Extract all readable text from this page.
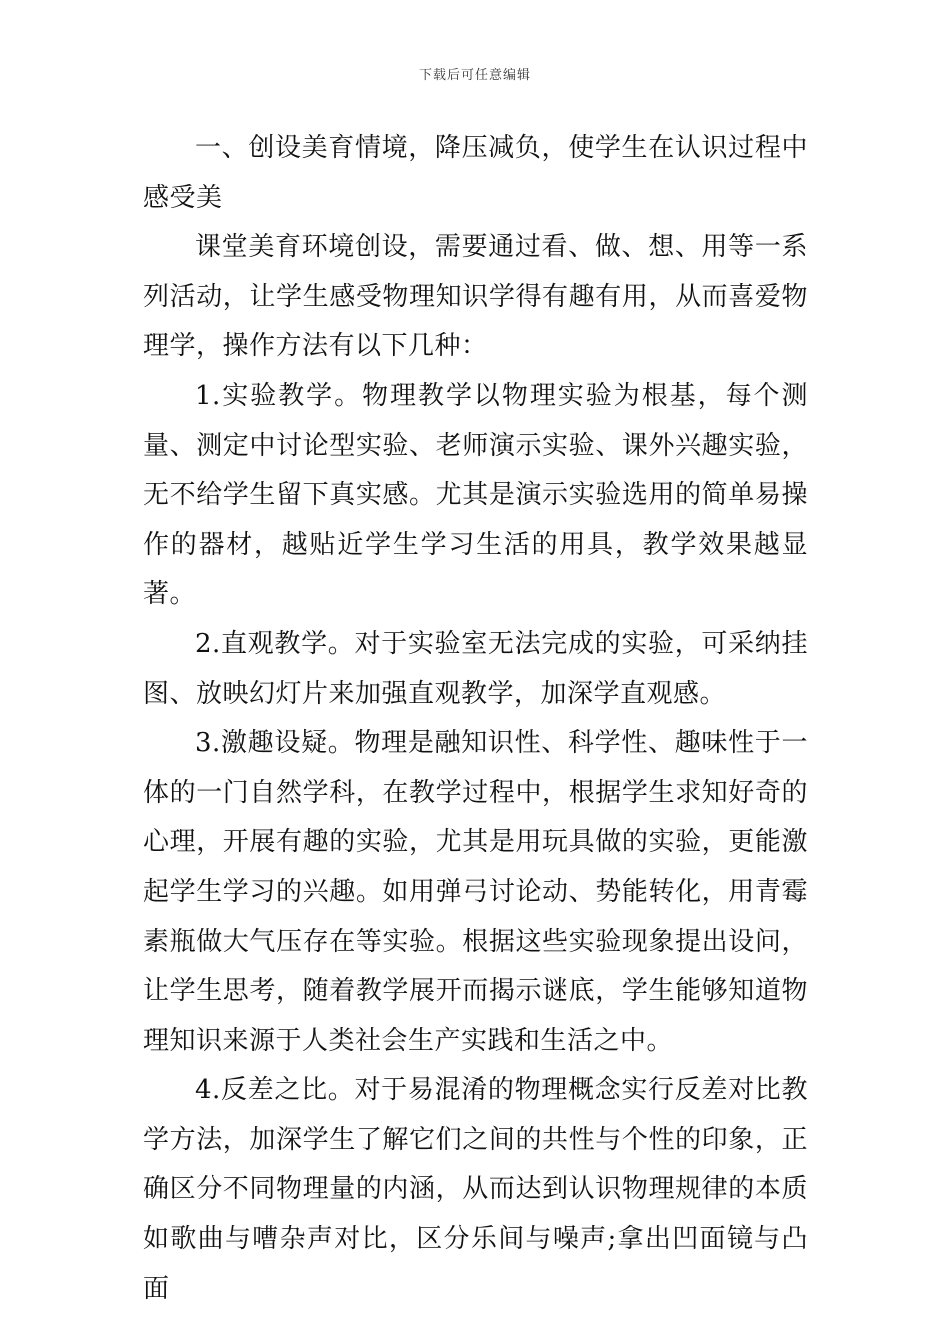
下载后可任意编辑

一、创设美育情境，降压减负，使学生在认识过程中感受美

课堂美育环境创设，需要通过看、做、想、用等一系列活动，让学生感受物理知识学得有趣有用，从而喜爱物理学，操作方法有以下几种：

1.实验教学。物理教学以物理实验为根基，每个测量、测定中讨论型实验、老师演示实验、课外兴趣实验，无不给学生留下真实感。尤其是演示实验选用的简单易操作的器材，越贴近学生学习生活的用具，教学效果越显著。

2.直观教学。对于实验室无法完成的实验，可采纳挂图、放映幻灯片来加强直观教学，加深学直观感。

3.激趣设疑。物理是融知识性、科学性、趣味性于一体的一门自然学科，在教学过程中，根据学生求知好奇的心理，开展有趣的实验，尤其是用玩具做的实验，更能激起学生学习的兴趣。如用弹弓讨论动、势能转化，用青霉素瓶做大气压存在等实验。根据这些实验现象提出设问，让学生思考，随着教学展开而揭示谜底，学生能够知道物理知识来源于人类社会生产实践和生活之中。

4.反差之比。对于易混淆的物理概念实行反差对比教学方法，加深学生了解它们之间的共性与个性的印象，正确区分不同物理量的内涵，从而达到认识物理规律的本质如歌曲与嘈杂声对比，区分乐间与噪声;拿出凹面镜与凸面
